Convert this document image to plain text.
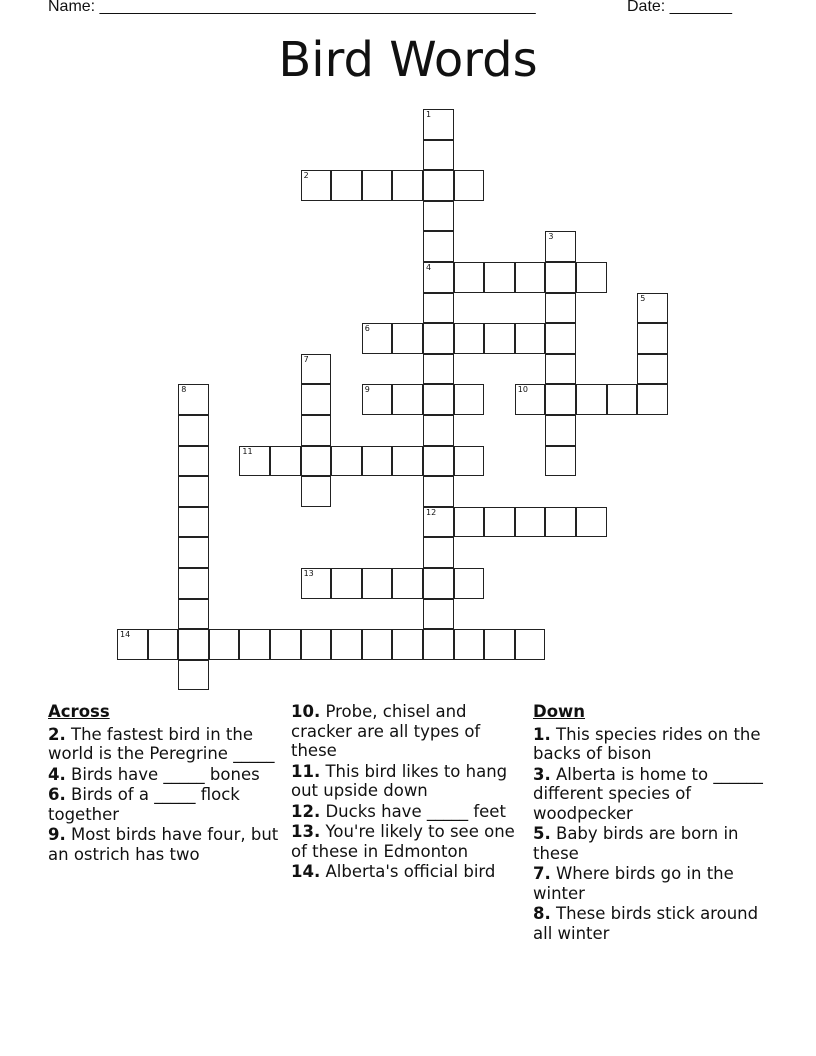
Name: _________________________________________________	Date: _______
Bird Words
1
4
12
2
3
5
6
7
8	9	10
11
13
14
Across
2. The fastest bird in the world is the Peregrine _____
4. Birds have _____ bones
6. Birds of a _____ flock together
9. Most birds have four, but an ostrich has two
10. Probe, chisel and cracker are all types of these
11. This bird likes to hang out upside down
12. Ducks have _____ feet
13. You're likely to see one of these in Edmonton
14. Alberta's official bird
Down
1. This species rides on the backs of bison
3. Alberta is home to ______ different species of woodpecker
5. Baby birds are born in these
7. Where birds go in the winter
8. These birds stick around all winter
